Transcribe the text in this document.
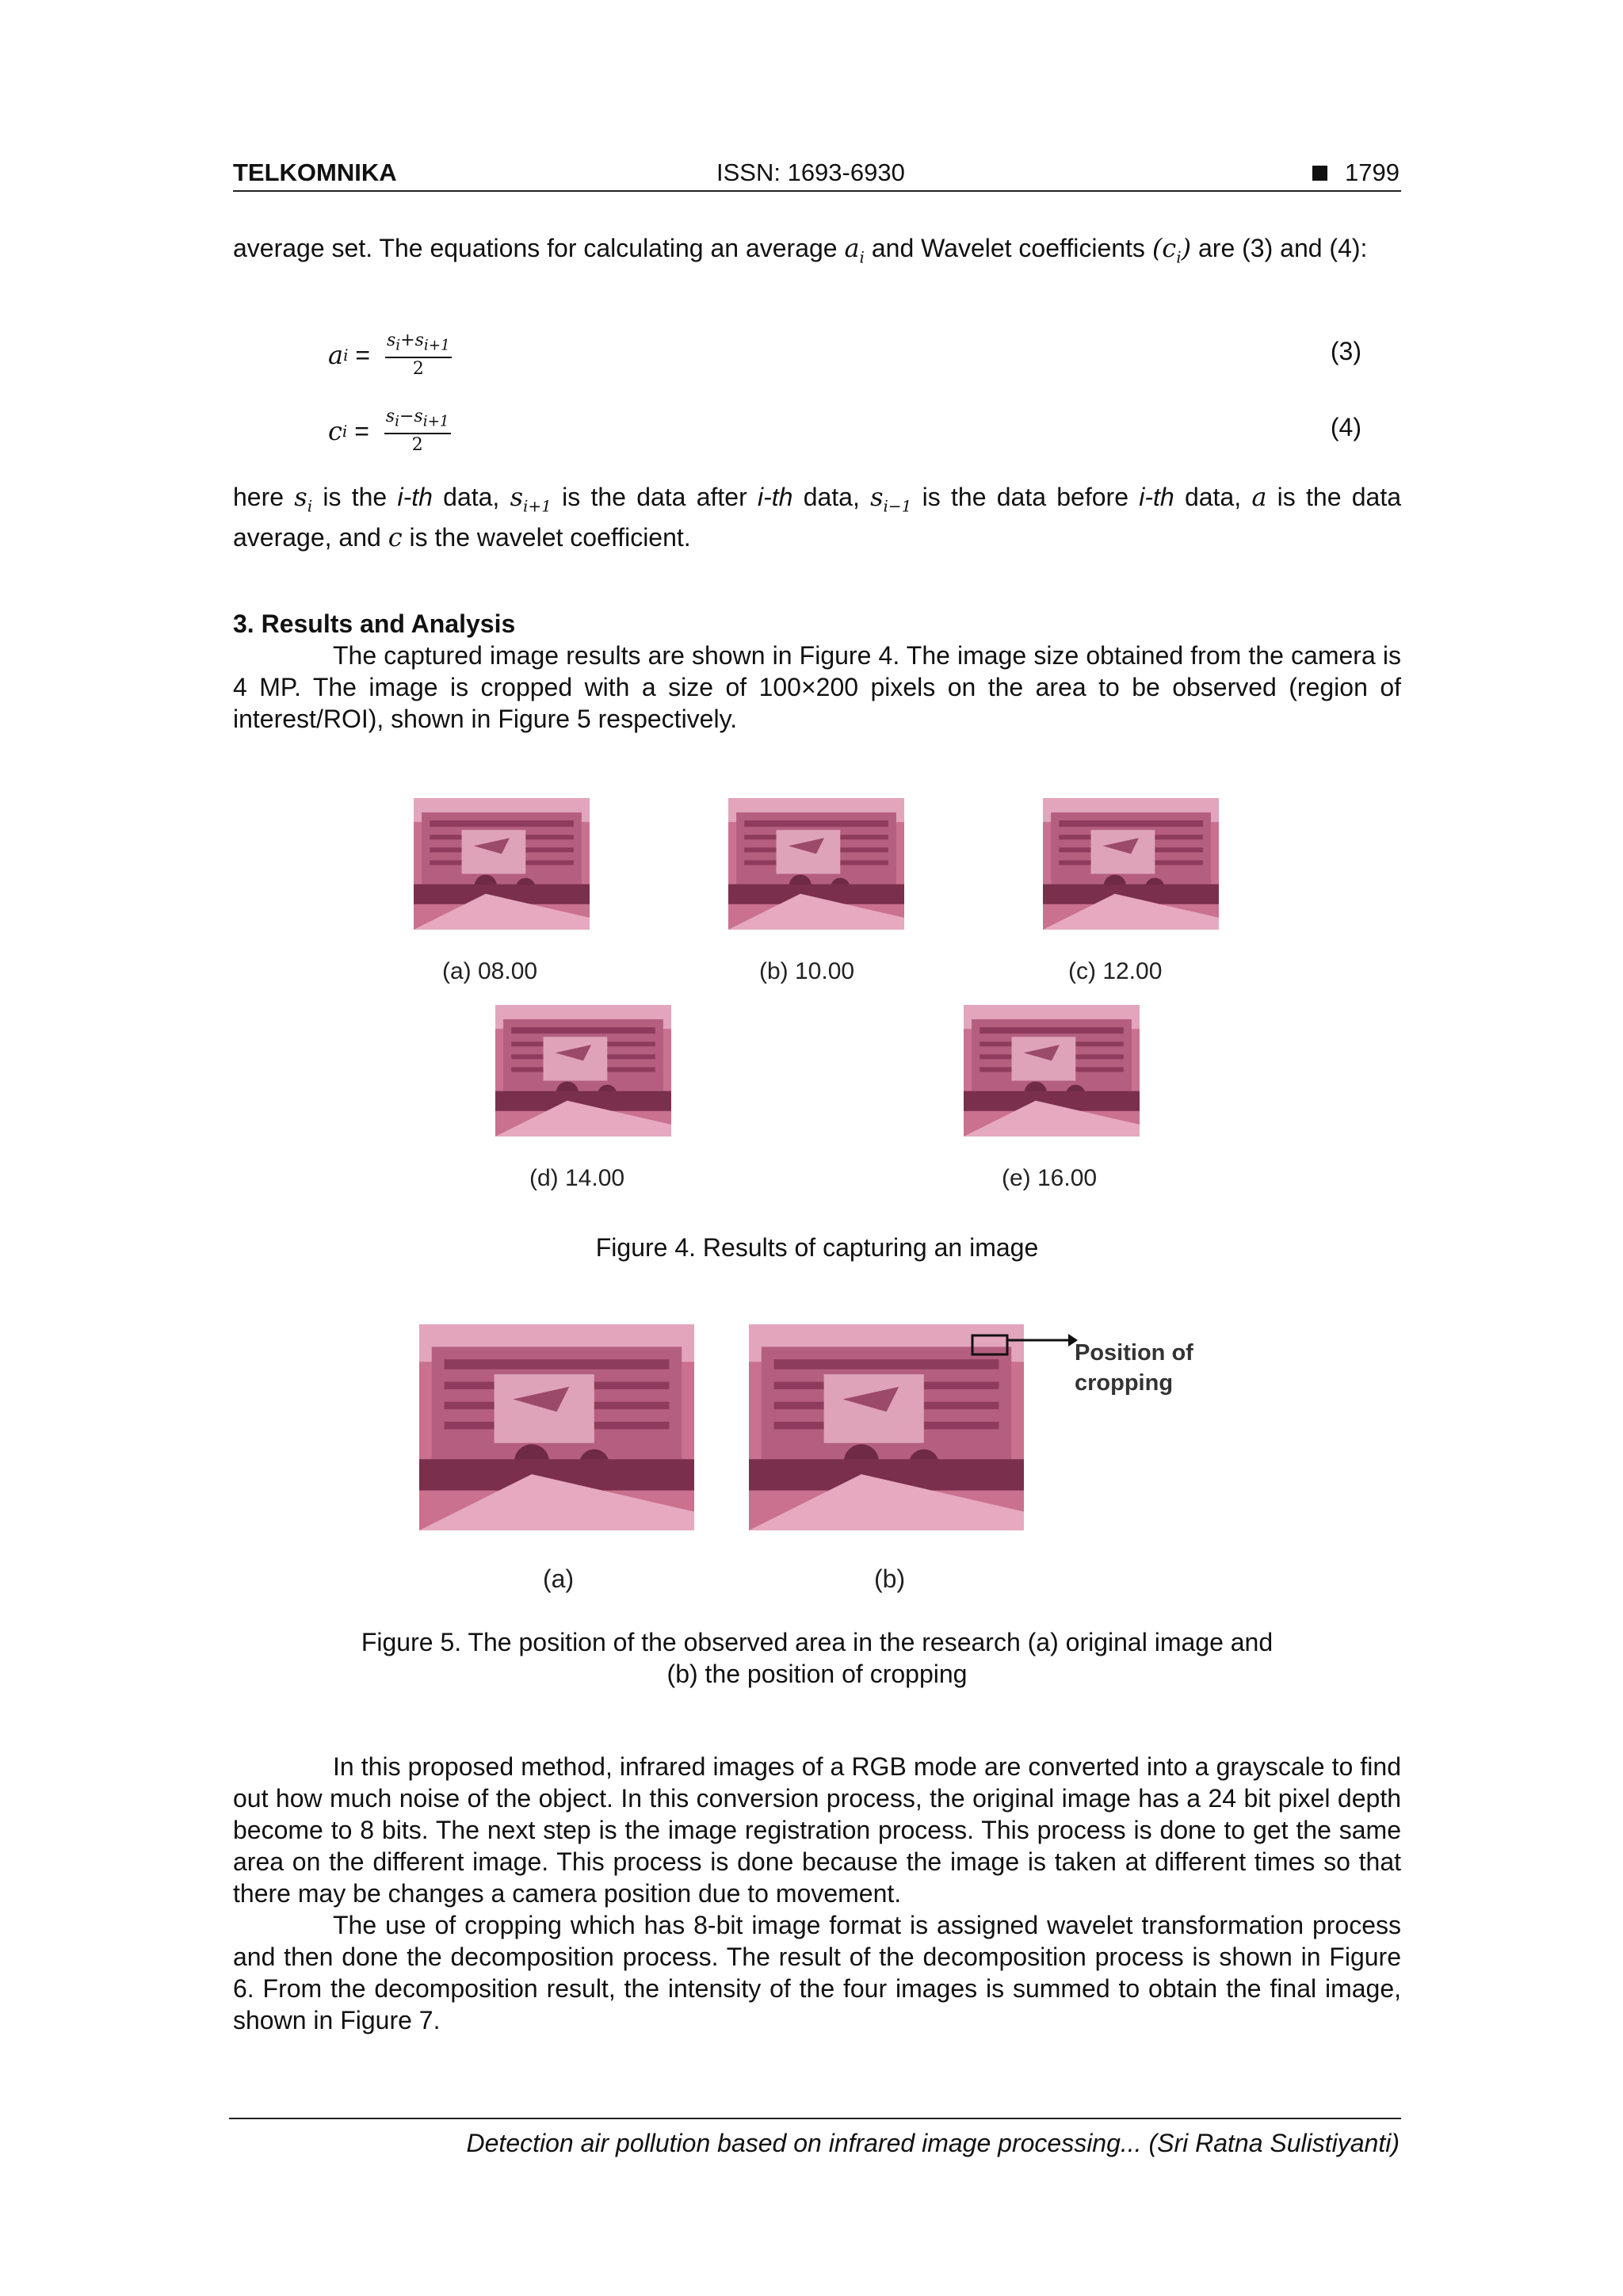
TELKOMNIKA	ISSN: 1693-6930	1799

average set. The equations for calculating an average $a_i$ and Wavelet coefficients $(c_i)$ are (3) and (4):

a $i = \frac{s_i+s_{i+1}}{2}$	(3)
c $i = \frac{s_i-s_{i+1}}{2}$	(4)

here $s_i$ is the i-th data, $s_{i+1}$ is the data after i-th data, $s_{i-1}$ is the data before i-th data, a is the data average, and c is the wavelet coefficient.

3. Results and Analysis

The captured image results are shown in Figure 4. The image size obtained from the camera is 4 MP. The image is cropped with a size of 100×200 pixels on the area to be observed (region of interest/ROI), shown in Figure 5 respectively.

(a) 08.00	(b) 10.00	(c) 12.00
(d) 14.00	(e) 16.00
Figure 4. Results of capturing an image
Position of
cropping
(a)	(b)
Figure 5. The position of the observed area in the research (a) original image and
(b) the position of cropping

In this proposed method, infrared images of a RGB mode are converted into a grayscale to find out how much noise of the object. In this conversion process, the original image has a 24 bit pixel depth become to 8 bits. The next step is the image registration process. This process is done to get the same area on the different image. This process is done because the image is taken at different times so that there may be changes a camera position due to movement.

The use of cropping which has 8-bit image format is assigned wavelet transformation process and then done the decomposition process. The result of the decomposition process is shown in Figure 6. From the decomposition result, the intensity of the four images is summed to obtain the final image, shown in Figure 7.

Detection air pollution based on infrared image processing... (Sri Ratna Sulistiyanti)
